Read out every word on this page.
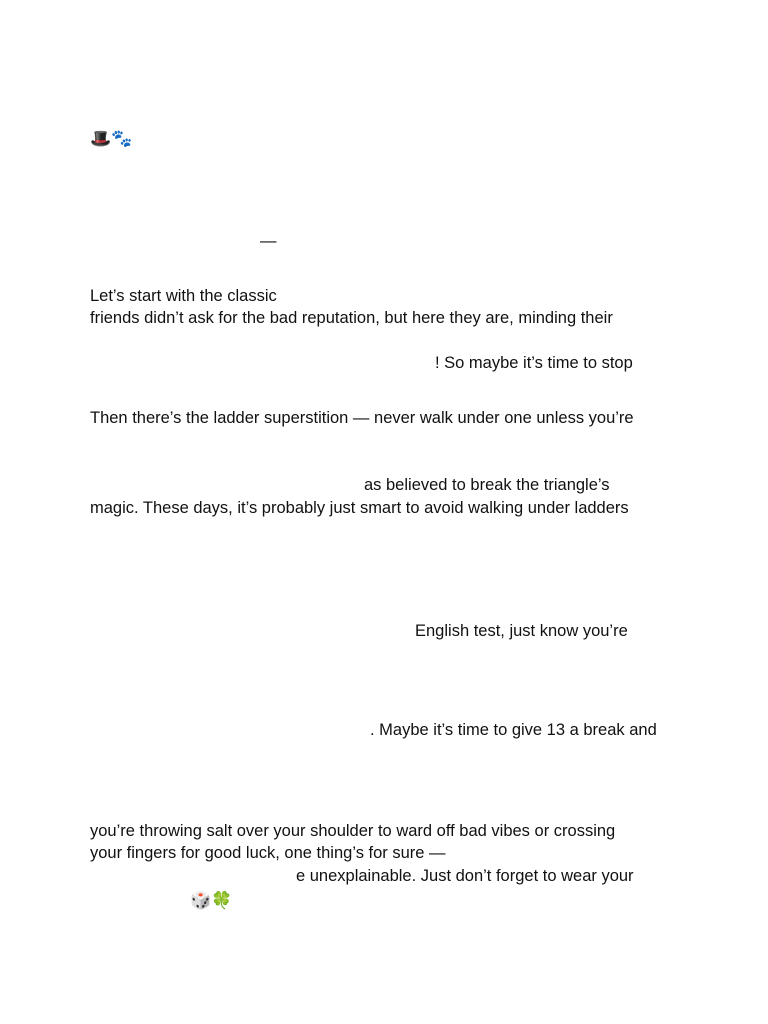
🎩🐾
—
Let’s start with the classic
friends didn’t ask for the bad reputation, but here they are, minding their
! So maybe it’s time to stop
Then there’s the ladder superstition — never walk under one unless you’re
as believed to break the triangle’s
magic. These days, it’s probably just smart to avoid walking under ladders
English test, just know you’re
. Maybe it’s time to give 13 a break and
you’re throwing salt over your shoulder to ward off bad vibes or crossing
your fingers for good luck, one thing’s for sure —
e unexplainable. Just don’t forget to wear your
🎲🍀
